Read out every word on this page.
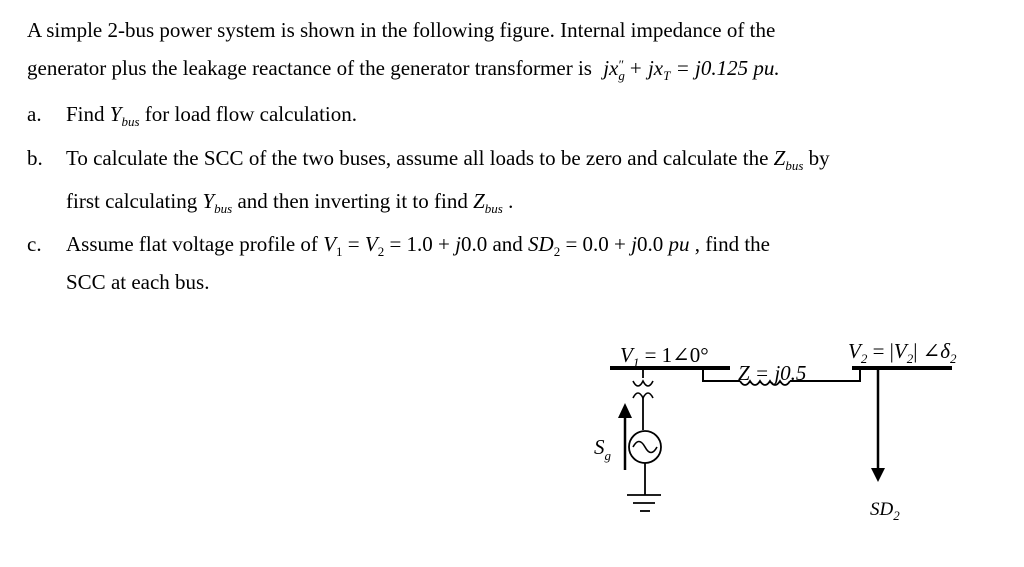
A simple 2-bus power system is shown in the following figure. Internal impedance of the
generator plus the leakage reactance of the generator transformer is $jx_g'' + jx_T = j0.125$ pu.
a. Find $Y_{bus}$ for load flow calculation.
b. To calculate the SCC of the two buses, assume all loads to be zero and calculate the $Z_{bus}$ by
first calculating $Y_{bus}$ and then inverting it to find $Z_{bus}$ .
c. Assume flat voltage profile of $V_1 = V_2 = 1.0 + j0.0$ and $SD_2 = 0.0 + j0.0$ pu , find the
SCC at each bus.
$V_1$ = 1∠0°
Z = j0.5
$V_2 = |V_2|$ $\angle\delta_2$
$SD_2$
$S_g$
